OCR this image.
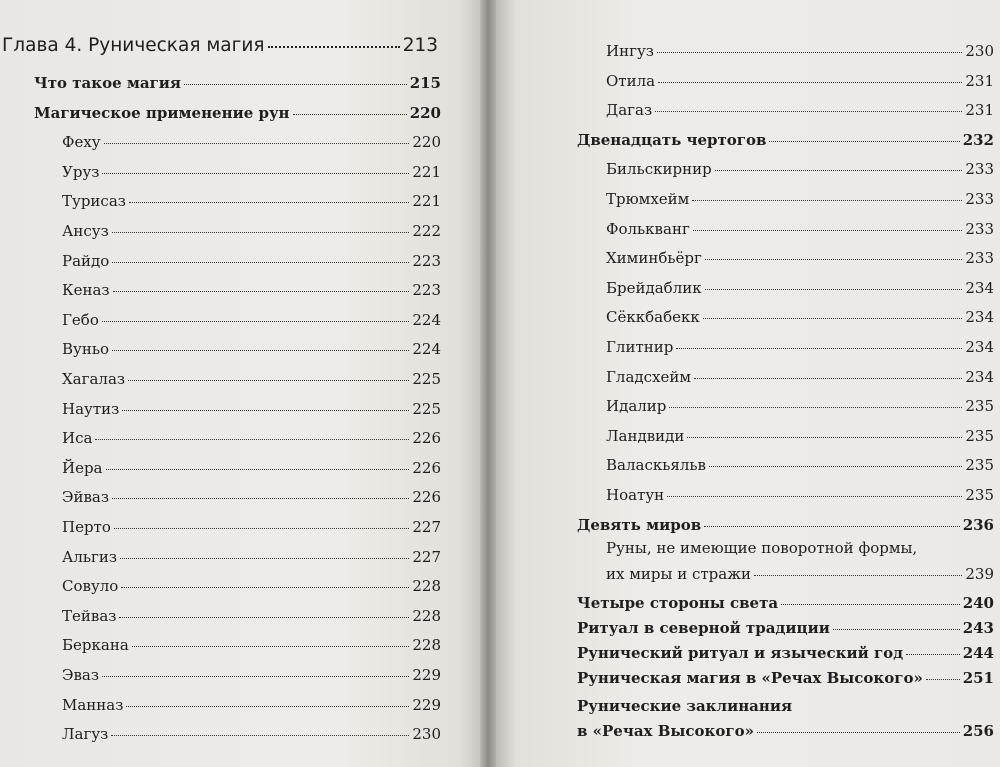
Глава 4. Руническая магия	213
Что такое магия	215
Магическое применение рун	220
Феху	220
Уруз	221
Турисаз	221
Ансуз	222
Райдо	223
Кеназ	223
Гебо	224
Вуньо	224
Хагалаз	225
Наутиз	225
Иса	226
Йера	226
Эйваз	226
Перто	227
Альгиз	227
Совуло	228
Тейваз	228
Беркана	228
Эваз	229
Манназ	229
Лагуз	230
Ингуз	230
Отила	231
Дагаз	231
Двенадцать чертогов	232
Бильскирнир	233
Трюмхейм	233
Фолькванг	233
Химинбьёрг	233
Брейдаблик	234
Сёккбабекк	234
Глитнир	234
Гладсхейм	234
Идалир	235
Ландвиди	235
Валаскьяльв	235
Ноатун	235
Девять миров	236
Руны, не имеющие поворотной формы,
их миры и стражи	239
Четыре стороны света	240
Ритуал в северной традиции	243
Рунический ритуал и языческий год	244
Руническая магия в «Речах Высокого»	251
Рунические заклинания
в «Речах Высокого»	256
